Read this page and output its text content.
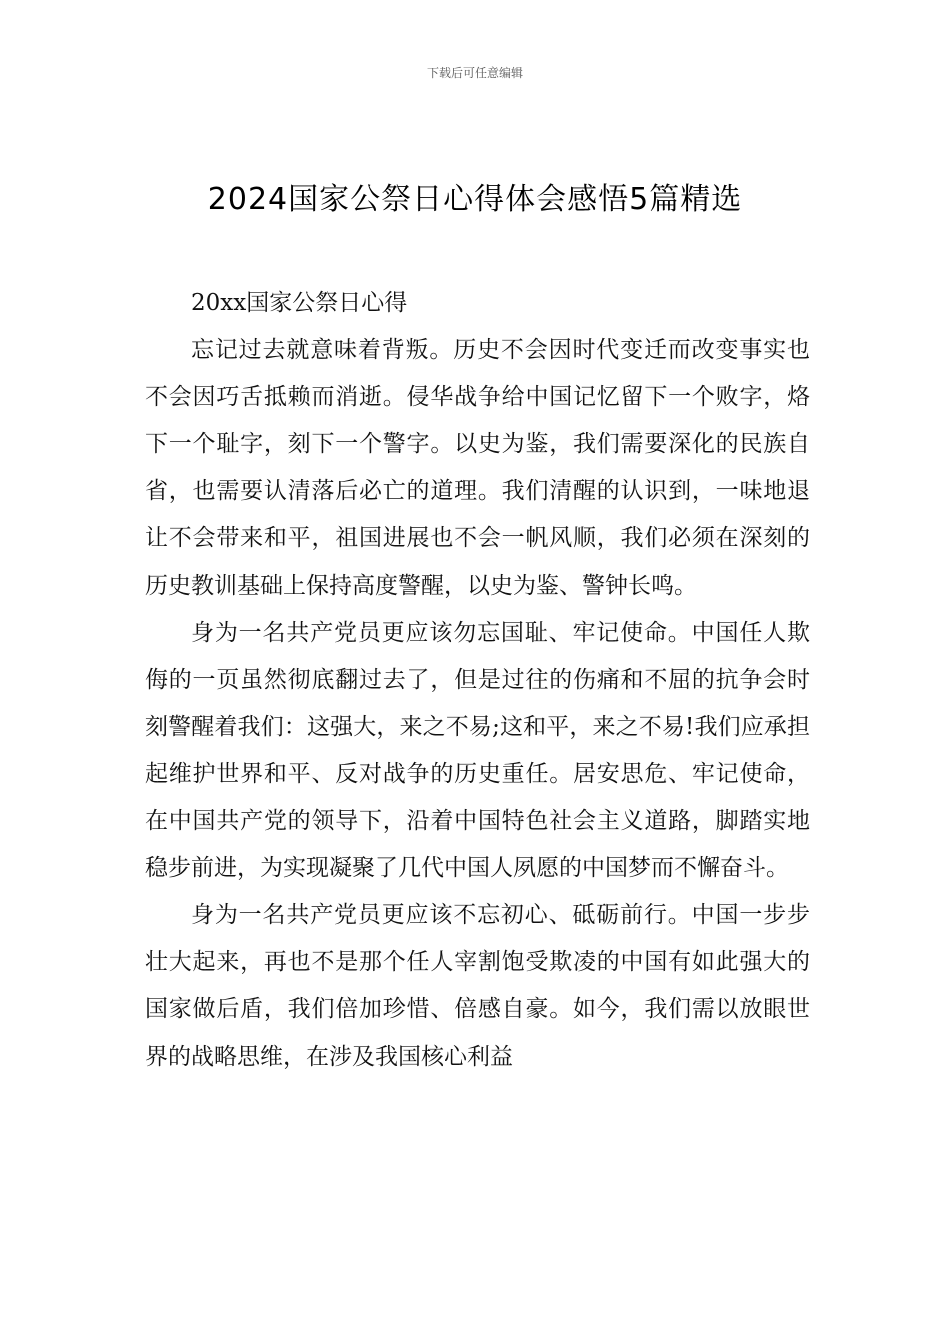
下载后可任意编辑
2024国家公祭日心得体会感悟5篇精选

20xx国家公祭日心得

忘记过去就意味着背叛。历史不会因时代变迁而改变事实也不会因巧舌抵赖而消逝。侵华战争给中国记忆留下一个败字，烙下一个耻字，刻下一个警字。以史为鉴，我们需要深化的民族自省，也需要认清落后必亡的道理。我们清醒的认识到，一味地退让不会带来和平，祖国进展也不会一帆风顺，我们必须在深刻的历史教训基础上保持高度警醒，以史为鉴、警钟长鸣。

身为一名共产党员更应该勿忘国耻、牢记使命。中国任人欺侮的一页虽然彻底翻过去了，但是过往的伤痛和不屈的抗争会时刻警醒着我们：这强大，来之不易;这和平，来之不易!我们应承担起维护世界和平、反对战争的历史重任。居安思危、牢记使命，在中国共产党的领导下，沿着中国特色社会主义道路，脚踏实地稳步前进，为实现凝聚了几代中国人夙愿的中国梦而不懈奋斗。

身为一名共产党员更应该不忘初心、砥砺前行。中国一步步壮大起来，再也不是那个任人宰割饱受欺凌的中国有如此强大的国家做后盾，我们倍加珍惜、倍感自豪。如今，我们需以放眼世界的战略思维，在涉及我国核心利益
